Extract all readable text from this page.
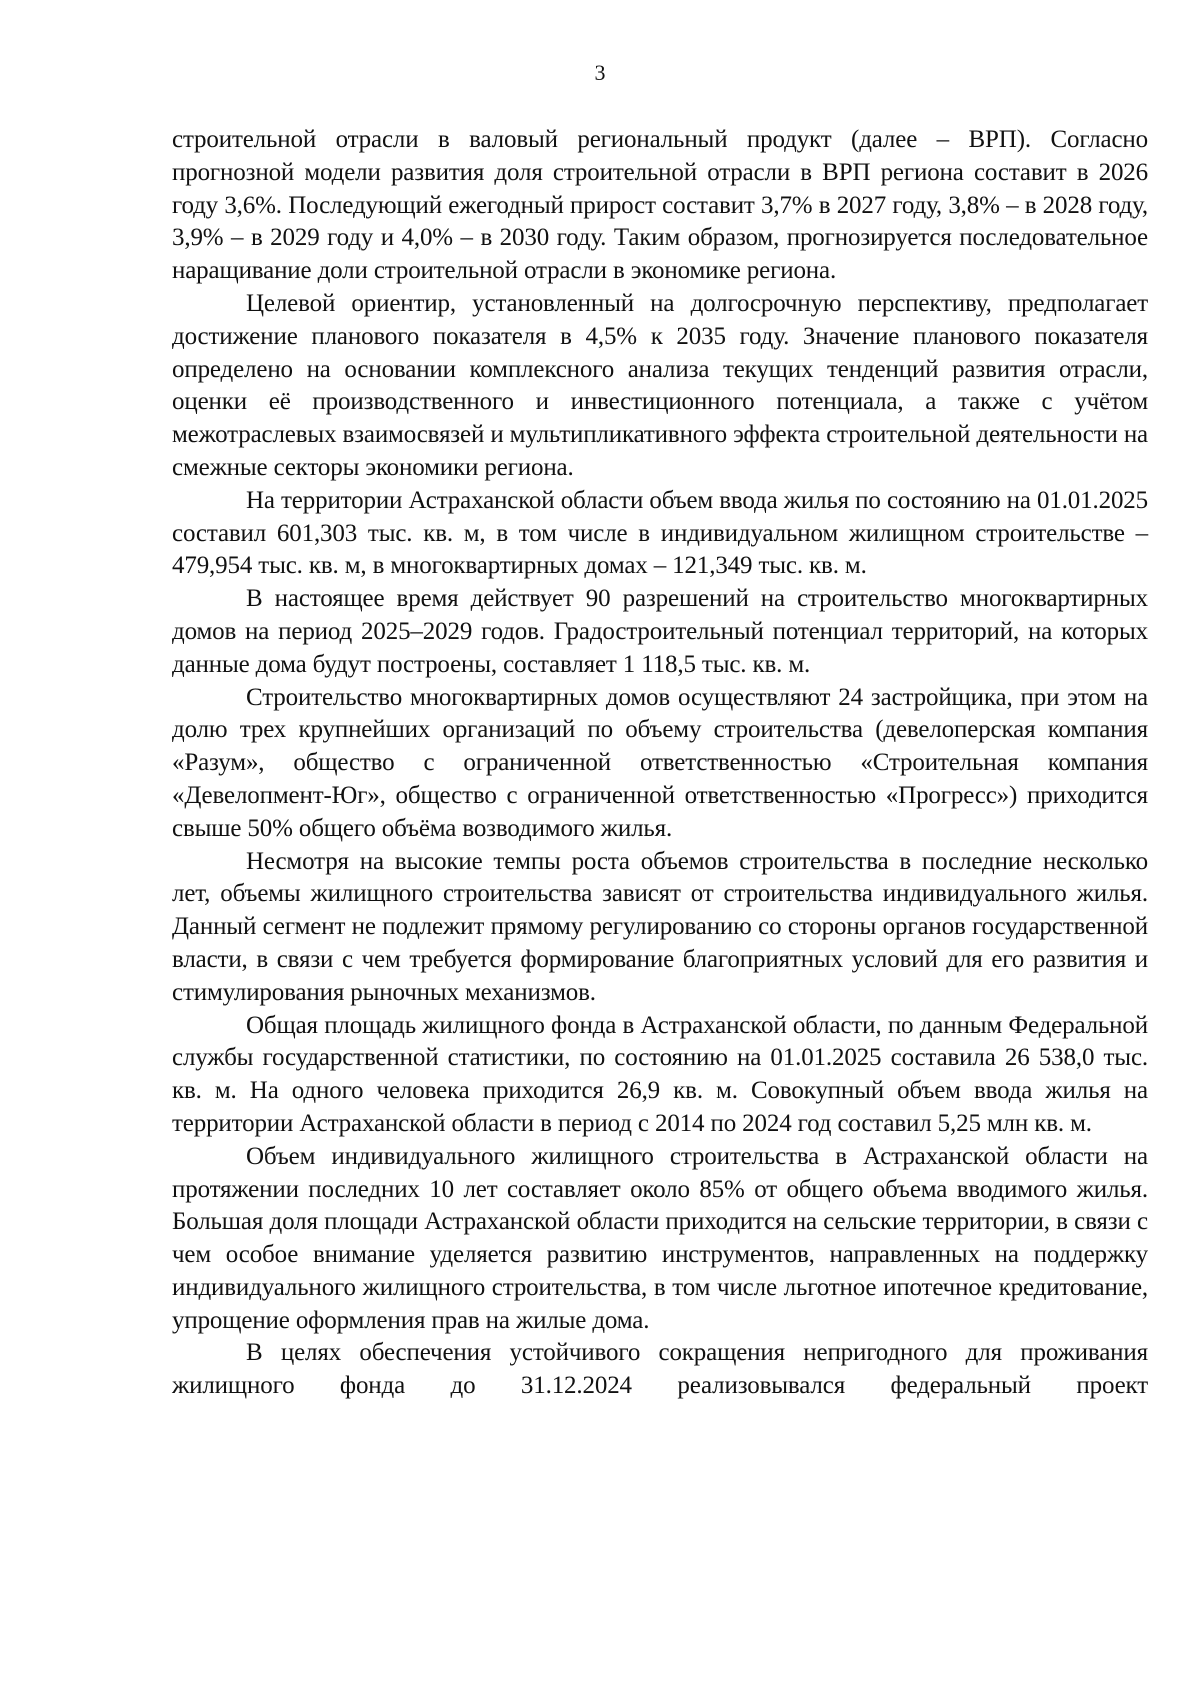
3

строительной отрасли в валовый региональный продукт (далее – ВРП). Согласно прогнозной модели развития доля строительной отрасли в ВРП региона составит в 2026 году 3,6%. Последующий ежегодный прирост составит 3,7% в 2027 году, 3,8% – в 2028 году, 3,9% – в 2029 году и 4,0% – в 2030 году. Таким образом, прогнозируется последовательное наращивание доли строительной отрасли в экономике региона.

Целевой ориентир, установленный на долгосрочную перспективу, предполагает достижение планового показателя в 4,5% к 2035 году. Значение планового показателя определено на основании комплексного анализа текущих тенденций развития отрасли, оценки её производственного и инвестиционного потенциала, а также с учётом межотраслевых взаимосвязей и мультипликативного эффекта строительной деятельности на смежные секторы экономики региона.

На территории Астраханской области объем ввода жилья по состоянию на 01.01.2025 составил 601,303 тыс. кв. м, в том числе в индивидуальном жилищном строительстве – 479,954 тыс. кв. м, в многоквартирных домах – 121,349 тыс. кв. м.

В настоящее время действует 90 разрешений на строительство многоквартирных домов на период 2025–2029 годов. Градостроительный потенциал территорий, на которых данные дома будут построены, составляет 1 118,5 тыс. кв. м.

Строительство многоквартирных домов осуществляют 24 застройщика, при этом на долю трех крупнейших организаций по объему строительства (девелоперская компания «Разум», общество с ограниченной ответственностью «Строительная компания «Девелопмент-Юг», общество с ограниченной ответственностью «Прогресс») приходится свыше 50% общего объёма возводимого жилья.

Несмотря на высокие темпы роста объемов строительства в последние несколько лет, объемы жилищного строительства зависят от строительства индивидуального жилья. Данный сегмент не подлежит прямому регулированию со стороны органов государственной власти, в связи с чем требуется формирование благоприятных условий для его развития и стимулирования рыночных механизмов.

Общая площадь жилищного фонда в Астраханской области, по данным Федеральной службы государственной статистики, по состоянию на 01.01.2025 составила 26 538,0 тыс. кв. м. На одного человека приходится 26,9 кв. м. Совокупный объем ввода жилья на территории Астраханской области в период с 2014 по 2024 год составил 5,25 млн кв. м.

Объем индивидуального жилищного строительства в Астраханской области на протяжении последних 10 лет составляет около 85% от общего объема вводимого жилья. Большая доля площади Астраханской области приходится на сельские территории, в связи с чем особое внимание уделяется развитию инструментов, направленных на поддержку индивидуального жилищного строительства, в том числе льготное ипотечное кредитование, упрощение оформления прав на жилые дома.

В целях обеспечения устойчивого сокращения непригодного для проживания жилищного фонда до 31.12.2024 реализовывался федеральный проект
